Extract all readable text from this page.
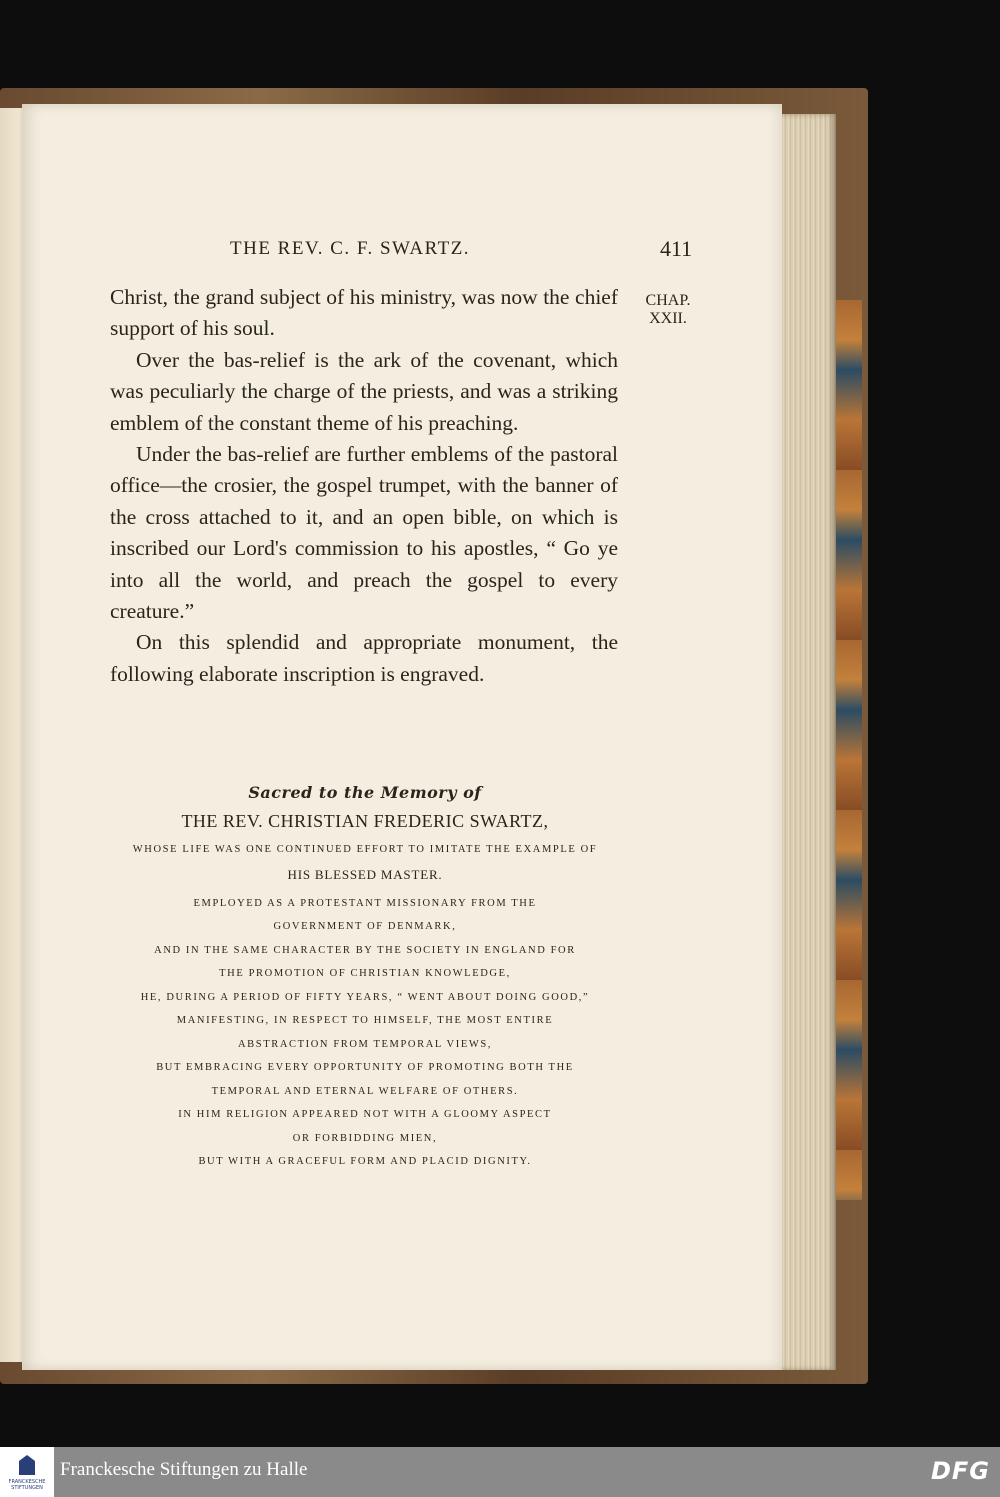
THE REV. C. F. SWARTZ.	411
CHAP.
XXII.

Christ, the grand subject of his ministry, was now the chief support of his soul.

Over the bas-relief is the ark of the covenant, which was peculiarly the charge of the priests, and was a striking emblem of the constant theme of his preaching.

Under the bas-relief are further emblems of the pastoral office—the crosier, the gospel trumpet, with the banner of the cross attached to it, and an open bible, on which is inscribed our Lord's commission to his apostles, “ Go ye into all the world, and preach the gospel to every creature.”

On this splendid and appropriate monument, the following elaborate inscription is engraved.

Sacred to the Memory of
THE REV. CHRISTIAN FREDERIC SWARTZ,
WHOSE LIFE WAS ONE CONTINUED EFFORT TO IMITATE THE EXAMPLE OF
HIS BLESSED MASTER.
EMPLOYED AS A PROTESTANT MISSIONARY FROM THE
GOVERNMENT OF DENMARK,
AND IN THE SAME CHARACTER BY THE SOCIETY IN ENGLAND FOR
THE PROMOTION OF CHRISTIAN KNOWLEDGE,
HE, DURING A PERIOD OF FIFTY YEARS, “ WENT ABOUT DOING GOOD,”
MANIFESTING, IN RESPECT TO HIMSELF, THE MOST ENTIRE
ABSTRACTION FROM TEMPORAL VIEWS,
BUT EMBRACING EVERY OPPORTUNITY OF PROMOTING BOTH THE
TEMPORAL AND ETERNAL WELFARE OF OTHERS.
IN HIM RELIGION APPEARED NOT WITH A GLOOMY ASPECT
OR FORBIDDING MIEN,
BUT WITH A GRACEFUL FORM AND PLACID DIGNITY.
FRANCKESCHE STIFTUNGEN
Franckesche Stiftungen zu Halle	DFG
